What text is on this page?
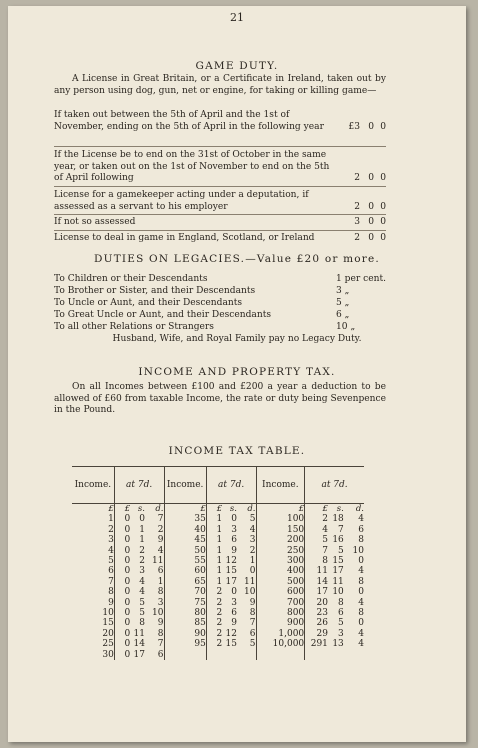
21
GAME DUTY.
A License in Great Britain, or a Certificate in Ireland, taken out by any person using dog, gun, net or engine, for taking or killing game—
If taken out between the 5th of April and the 1st of November, ending on the 5th of April in the following year	£3 0 0
If the License be to end on the 31st of October in the same year, or taken out on the 1st of November to end on the 5th of April following	2 0 0
License for a gamekeeper acting under a deputation, if assessed as a servant to his employer	2 0 0
If not so assessed	3 0 0
License to deal in game in England, Scotland, or Ireland	2 0 0
DUTIES ON LEGACIES.—Value £20 or more.
To Children or their Descendants	1 per cent.
To Brother or Sister, and their Descendants	3 „
To Uncle or Aunt, and their Descendants	5 „
To Great Uncle or Aunt, and their Descendants	6 „
To all other Relations or Strangers	10 „
Husband, Wife, and Royal Family pay no Legacy Duty.
INCOME AND PROPERTY TAX.
On all Incomes between £100 and £200 a year a deduction to be allowed of £60 from taxable Income, the rate or duty being Sevenpence in the Pound.
INCOME TAX TABLE.
Income.	at 7d.			Income.	at 7d.			Income.	at 7d.		
£	£	s.	d.	£	£	s.	d.	£	£	s.	d.
1	0	0	7	35	1	0	5	100	2	18	4
2	0	1	2	40	1	3	4	150	4	7	6
3	0	1	9	45	1	6	3	200	5	16	8
4	0	2	4	50	1	9	2	250	7	5	10
5	0	2	11	55	1	12	1	300	8	15	0
6	0	3	6	60	1	15	0	400	11	17	4
7	0	4	1	65	1	17	11	500	14	11	8
8	0	4	8	70	2	0	10	600	17	10	0
9	0	5	3	75	2	3	9	700	20	8	4
10	0	5	10	80	2	6	8	800	23	6	8
15	0	8	9	85	2	9	7	900	26	5	0
20	0	11	8	90	2	12	6	1,000	29	3	4
25	0	14	7	95	2	15	5	10,000	291	13	4
30	0	17	6								
